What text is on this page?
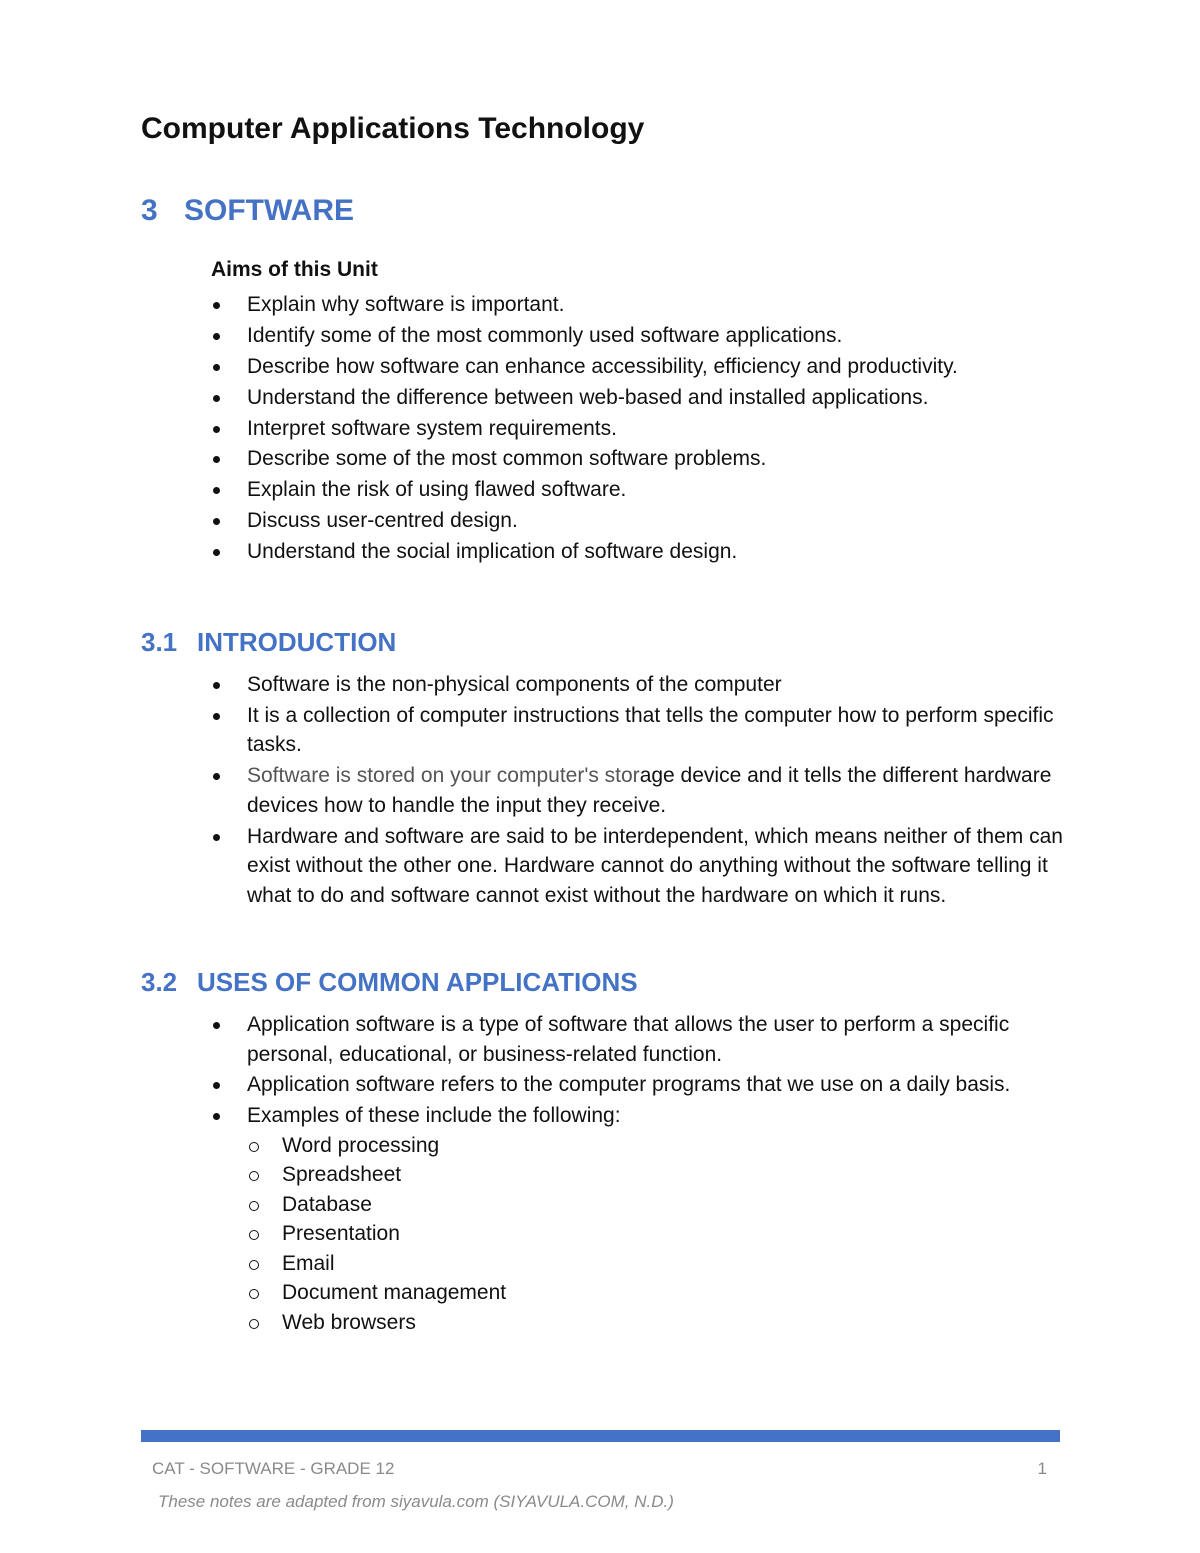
Computer Applications Technology
3 SOFTWARE
Aims of this Unit
Explain why software is important.
Identify some of the most commonly used software applications.
Describe how software can enhance accessibility, efficiency and productivity.
Understand the difference between web-based and installed applications.
Interpret software system requirements.
Describe some of the most common software problems.
Explain the risk of using flawed software.
Discuss user-centred design.
Understand the social implication of software design.
3.1 INTRODUCTION
Software is the non-physical components of the computer
It is a collection of computer instructions that tells the computer how to perform specific tasks.
Software is stored on your computer's storage device and it tells the different hardware devices how to handle the input they receive.
Hardware and software are said to be interdependent, which means neither of them can exist without the other one. Hardware cannot do anything without the software telling it what to do and software cannot exist without the hardware on which it runs.
3.2 USES OF COMMON APPLICATIONS
Application software is a type of software that allows the user to perform a specific personal, educational, or business-related function.
Application software refers to the computer programs that we use on a daily basis.
Examples of these include the following:
Word processing
Spreadsheet
Database
Presentation
Email
Document management
Web browsers
CAT - SOFTWARE - GRADE 12	1
These notes are adapted from siyavula.com (SIYAVULA.COM, N.D.)
